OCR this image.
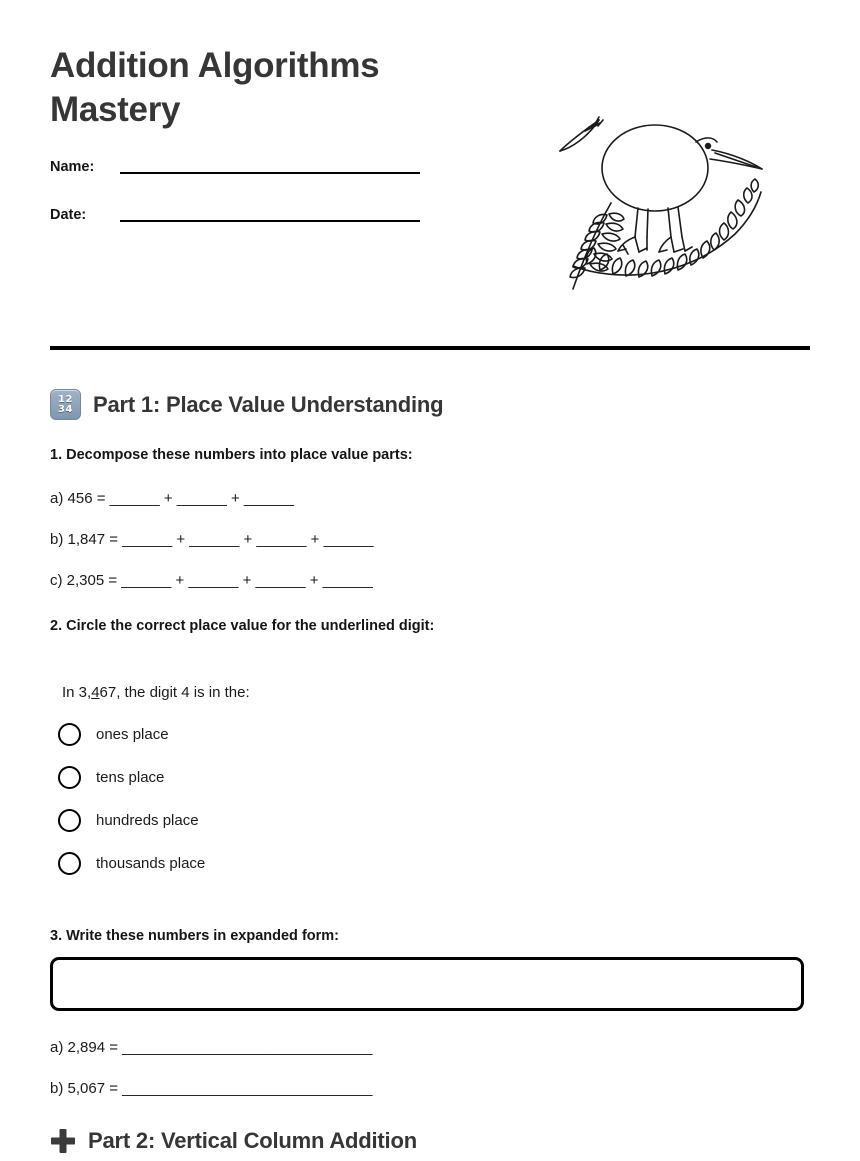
Addition Algorithms
Mastery
Name:
Date:
12
34 Part 1: Place Value Understanding
1. Decompose these numbers into place value parts:
a) 456 = ______ + ______ + ______
b) 1,847 = ______ + ______ + ______ + ______
c) 2,305 = ______ + ______ + ______ + ______
2. Circle the correct place value for the underlined digit:
In 3,467, the digit 4 is in the:
ones place
tens place
hundreds place
thousands place
3. Write these numbers in expanded form:
a) 2,894 = ______________________________
b) 5,067 = ______________________________
Part 2: Vertical Column Addition
